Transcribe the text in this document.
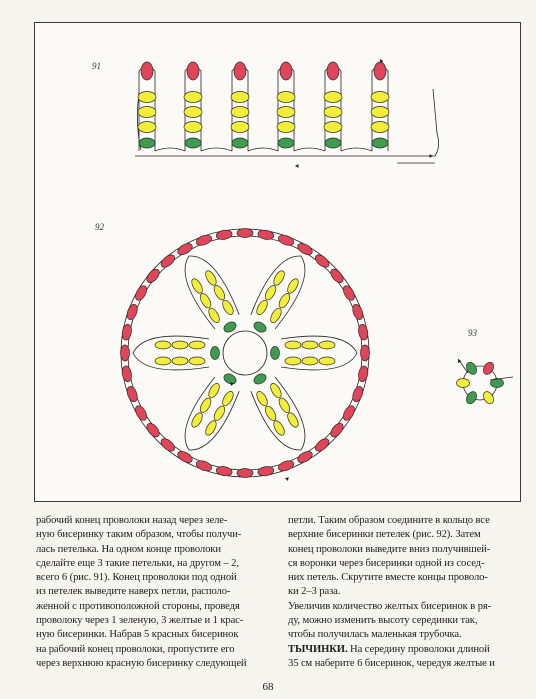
91
92
93
рабочий конец проволоки назад через зеле-
ную бисеринку таким образом, чтобы получи-
лась петелька. На одном конце проволоки
сделайте еще 3 такие петельки, на другом – 2,
всего 6 (рис. 91). Конец проволоки под одной
из петелек выведите наверх петли, располо-
женной с противоположной стороны, проведя
проволоку через 1 зеленую, 3 желтые и 1 крас-
ную бисеринки. Набрав 5 красных бисеринок
на рабочий конец проволоки, пропустите его
через верхнюю красную бисеринку следующей
петли. Таким образом соедините в кольцо все
верхние бисеринки петелек (рис. 92). Затем
конец проволоки выведите вниз получившей-
ся воронки через бисеринки одной из сосед-
них петель. Скрутите вместе концы проволо-
ки 2–3 раза.
Увеличив количество желтых бисеринок в ря-
ду, можно изменить высоту серединки так,
чтобы получилась маленькая трубочка.
ТЫЧИНКИ. На середину проволоки длиной
35 см наберите 6 бисеринок, чередуя желтые и
68
